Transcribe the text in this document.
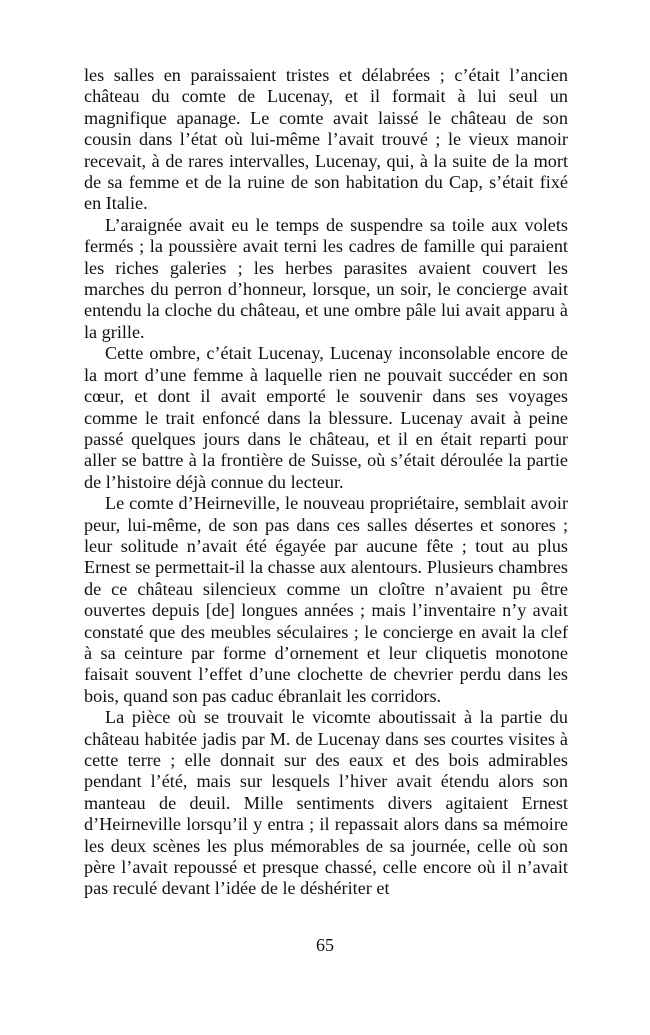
les salles en paraissaient tristes et délabrées ; c’était l’ancien château du comte de Lucenay, et il formait à lui seul un magnifique apanage. Le comte avait laissé le château de son cousin dans l’état où lui-même l’avait trouvé ; le vieux manoir recevait, à de rares intervalles, Lucenay, qui, à la suite de la mort de sa femme et de la ruine de son habitation du Cap, s’était fixé en Italie.

L’araignée avait eu le temps de suspendre sa toile aux volets fermés ; la poussière avait terni les cadres de famille qui paraient les riches galeries ; les herbes parasites avaient couvert les marches du perron d’honneur, lorsque, un soir, le concierge avait entendu la cloche du château, et une ombre pâle lui avait apparu à la grille.

Cette ombre, c’était Lucenay, Lucenay inconsolable encore de la mort d’une femme à laquelle rien ne pouvait succéder en son cœur, et dont il avait emporté le souvenir dans ses voyages comme le trait enfoncé dans la blessure. Lucenay avait à peine passé quelques jours dans le château, et il en était reparti pour aller se battre à la frontière de Suisse, où s’était déroulée la partie de l’histoire déjà connue du lecteur.

Le comte d’Heirneville, le nouveau propriétaire, semblait avoir peur, lui-même, de son pas dans ces salles désertes et sonores ; leur solitude n’avait été égayée par aucune fête ; tout au plus Ernest se permettait-il la chasse aux alentours. Plusieurs chambres de ce château silencieux comme un cloître n’avaient pu être ouvertes depuis [de] longues années ; mais l’inventaire n’y avait constaté que des meubles séculaires ; le concierge en avait la clef à sa ceinture par forme d’ornement et leur cliquetis monotone faisait souvent l’effet d’une clochette de chevrier perdu dans les bois, quand son pas caduc ébranlait les corridors.

La pièce où se trouvait le vicomte aboutissait à la partie du château habitée jadis par M. de Lucenay dans ses courtes visites à cette terre ; elle donnait sur des eaux et des bois admirables pendant l’été, mais sur lesquels l’hiver avait étendu alors son manteau de deuil. Mille sentiments divers agitaient Ernest d’Heirneville lorsqu’il y entra ; il repassait alors dans sa mémoire les deux scènes les plus mémorables de sa journée, celle où son père l’avait repoussé et presque chassé, celle encore où il n’avait pas reculé devant l’idée de le déshériter et

65
